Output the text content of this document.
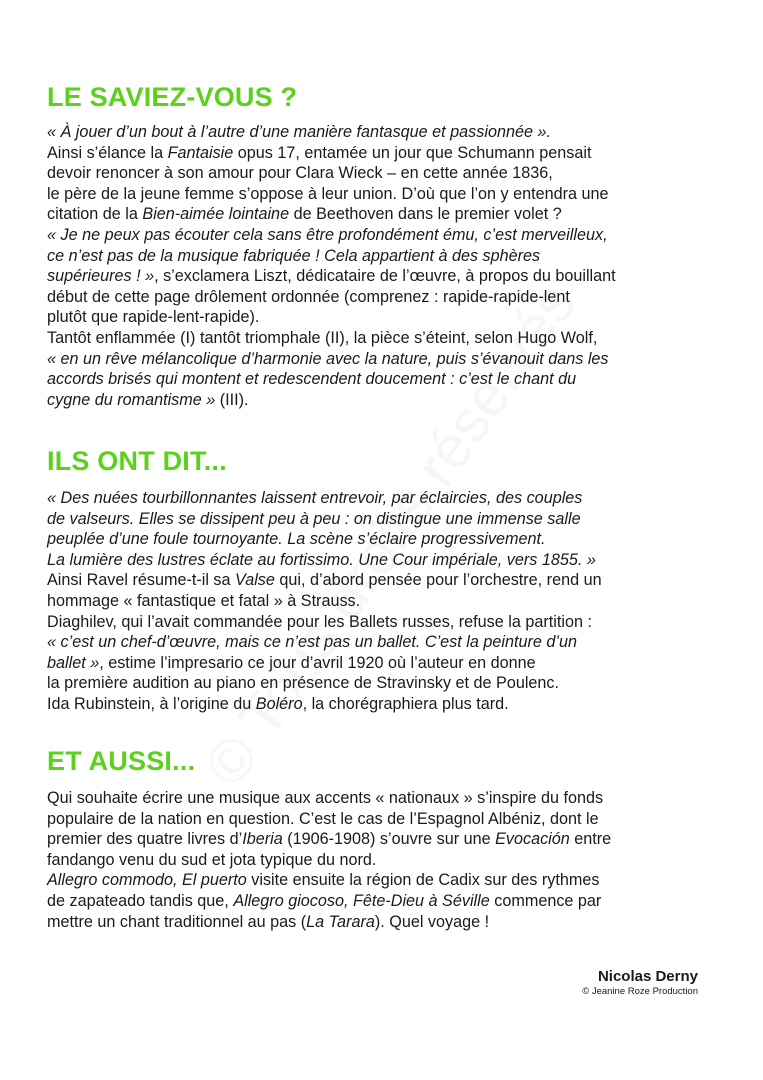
LE SAVIEZ-VOUS ?
« À jouer d’un bout à l’autre d’une manière fantasque et passionnée ».
Ainsi s’élance la Fantaisie opus 17, entamée un jour que Schumann pensait
devoir renoncer à son amour pour Clara Wieck – en cette année 1836,
le père de la jeune femme s’oppose à leur union. D’où que l’on y entendra une
citation de la Bien-aimée lointaine de Beethoven dans le premier volet ?
« Je ne peux pas écouter cela sans être profondément ému, c’est merveilleux,
ce n’est pas de la musique fabriquée ! Cela appartient à des sphères
supérieures ! », s’exclamera Liszt, dédicataire de l’œuvre, à propos du bouillant
début de cette page drôlement ordonnée (comprenez : rapide-rapide-lent
plutôt que rapide-lent-rapide).
Tantôt enflammée (I) tantôt triomphale (II), la pièce s’éteint, selon Hugo Wolf,
« en un rêve mélancolique d’harmonie avec la nature, puis s’évanouit dans les
accords brisés qui montent et redescendent doucement : c’est le chant du
cygne du romantisme » (III).
ILS ONT DIT...
« Des nuées tourbillonnantes laissent entrevoir, par éclaircies, des couples
de valseurs. Elles se dissipent peu à peu : on distingue une immense salle
peuplée d’une foule tournoyante. La scène s’éclaire progressivement.
La lumière des lustres éclate au fortissimo. Une Cour impériale, vers 1855. »
Ainsi Ravel résume-t-il sa Valse qui, d’abord pensée pour l’orchestre, rend un
hommage « fantastique et fatal » à Strauss.
Diaghilev, qui l’avait commandée pour les Ballets russes, refuse la partition :
« c’est un chef-d’œuvre, mais ce n’est pas un ballet. C’est la peinture d’un
ballet », estime l’impresario ce jour d’avril 1920 où l’auteur en donne
la première audition au piano en présence de Stravinsky et de Poulenc.
Ida Rubinstein, à l’origine du Boléro, la chorégraphiera plus tard.
ET AUSSI...
Qui souhaite écrire une musique aux accents « nationaux » s’inspire du fonds
populaire de la nation en question. C’est le cas de l’Espagnol Albéniz, dont le
premier des quatre livres d’Iberia (1906-1908) s’ouvre sur une Evocación entre
fandango venu du sud et jota typique du nord.
Allegro commodo, El puerto visite ensuite la région de Cadix sur des rythmes
de zapateado tandis que, Allegro giocoso, Fête-Dieu à Séville commence par
mettre un chant traditionnel au pas (La Tarara). Quel voyage !
Nicolas Derny
© Jeanine Roze Production
